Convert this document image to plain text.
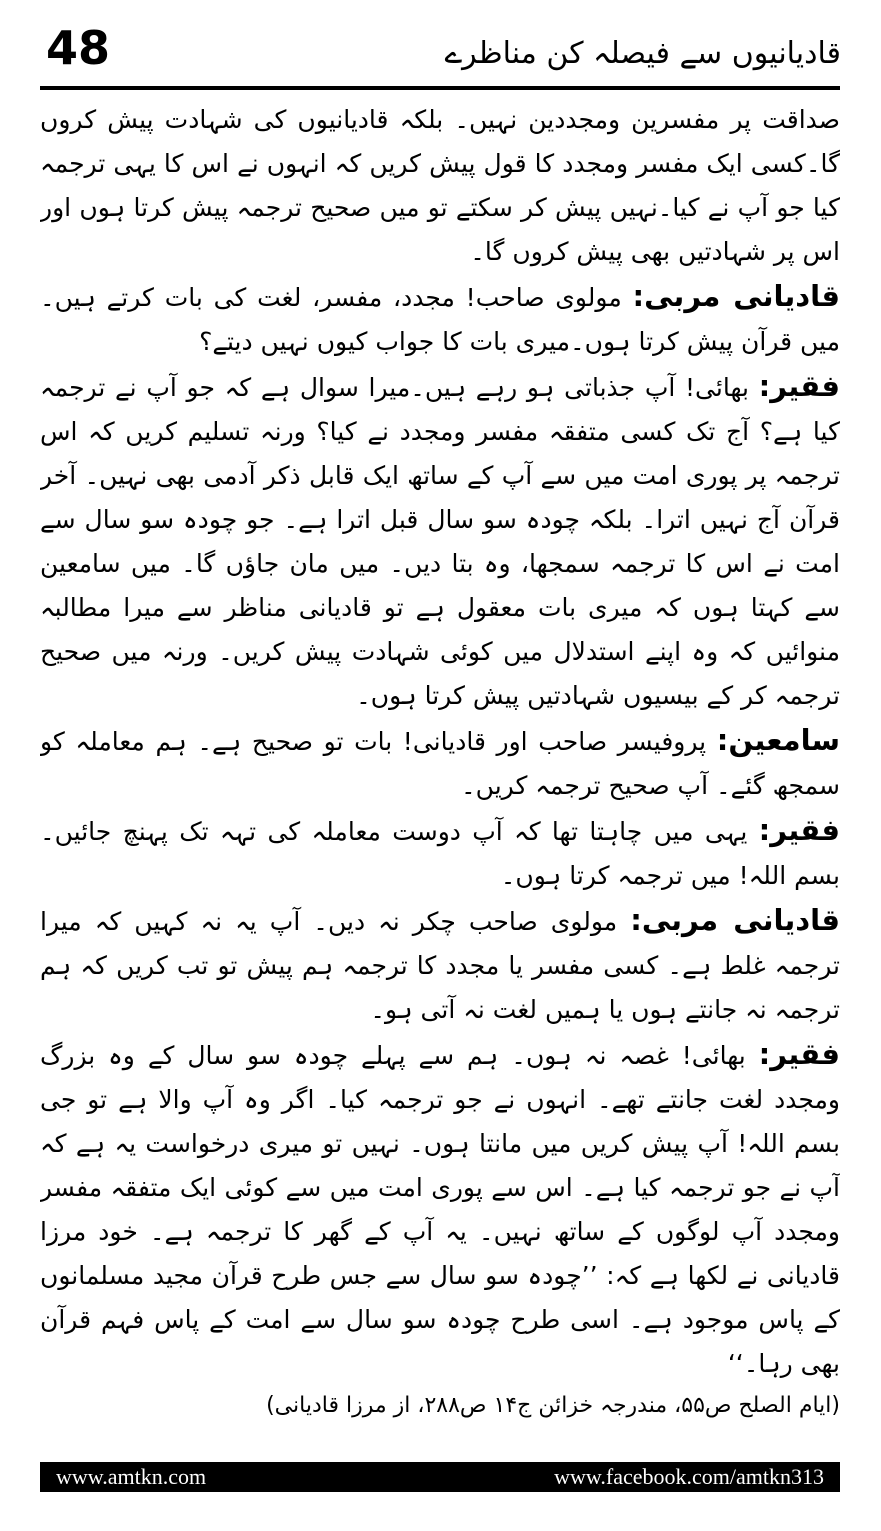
48	قادیانیوں سے فیصلہ کن مناظرے

صداقت پر مفسرین ومجددین نہیں۔ بلکہ قادیانیوں کی شہادت پیش کروں گا۔کسی ایک مفسر ومجدد کا قول پیش کریں کہ انہوں نے اس کا یہی ترجمہ کیا جو آپ نے کیا۔نہیں پیش کر سکتے تو میں صحیح ترجمہ پیش کرتا ہوں اور اس پر شہادتیں بھی پیش کروں گا۔

قادیانی مربی: مولوی صاحب! مجدد، مفسر، لغت کی بات کرتے ہیں۔ میں قرآن پیش کرتا ہوں۔میری بات کا جواب کیوں نہیں دیتے؟

فقیر: بھائی! آپ جذباتی ہو رہے ہیں۔میرا سوال ہے کہ جو آپ نے ترجمہ کیا ہے؟ آج تک کسی متفقہ مفسر ومجدد نے کیا؟ ورنہ تسلیم کریں کہ اس ترجمہ پر پوری امت میں سے آپ کے ساتھ ایک قابل ذکر آدمی بھی نہیں۔ آخر قرآن آج نہیں اترا۔ بلکہ چودہ سو سال قبل اترا ہے۔ جو چودہ سو سال سے امت نے اس کا ترجمہ سمجھا، وہ بتا دیں۔ میں مان جاؤں گا۔ میں سامعین سے کہتا ہوں کہ میری بات معقول ہے تو قادیانی مناظر سے میرا مطالبہ منوائیں کہ وہ اپنے استدلال میں کوئی شہادت پیش کریں۔ ورنہ میں صحیح ترجمہ کر کے بیسیوں شہادتیں پیش کرتا ہوں۔

سامعین: پروفیسر صاحب اور قادیانی! بات تو صحیح ہے۔ ہم معاملہ کو سمجھ گئے۔ آپ صحیح ترجمہ کریں۔

فقیر: یہی میں چاہتا تھا کہ آپ دوست معاملہ کی تہہ تک پہنچ جائیں۔ بسم اللہ! میں ترجمہ کرتا ہوں۔

قادیانی مربی: مولوی صاحب چکر نہ دیں۔ آپ یہ نہ کہیں کہ میرا ترجمہ غلط ہے۔ کسی مفسر یا مجدد کا ترجمہ ہم پیش تو تب کریں کہ ہم ترجمہ نہ جانتے ہوں یا ہمیں لغت نہ آتی ہو۔

فقیر: بھائی! غصہ نہ ہوں۔ ہم سے پہلے چودہ سو سال کے وہ بزرگ ومجدد لغت جانتے تھے۔ انہوں نے جو ترجمہ کیا۔ اگر وہ آپ والا ہے تو جی بسم اللہ! آپ پیش کریں میں مانتا ہوں۔ نہیں تو میری درخواست یہ ہے کہ آپ نے جو ترجمہ کیا ہے۔ اس سے پوری امت میں سے کوئی ایک متفقہ مفسر ومجدد آپ لوگوں کے ساتھ نہیں۔ یہ آپ کے گھر کا ترجمہ ہے۔ خود مرزا قادیانی نے لکھا ہے کہ: ’’چودہ سو سال سے جس طرح قرآن مجید مسلمانوں کے پاس موجود ہے۔ اسی طرح چودہ سو سال سے امت کے پاس فہم قرآن بھی رہا۔‘‘

(ایام الصلح ص۵۵، مندرجہ خزائن ج۱۴ ص۲۸۸، از مرزا قادیانی)

www.amtkn.com	www.facebook.com/amtkn313
